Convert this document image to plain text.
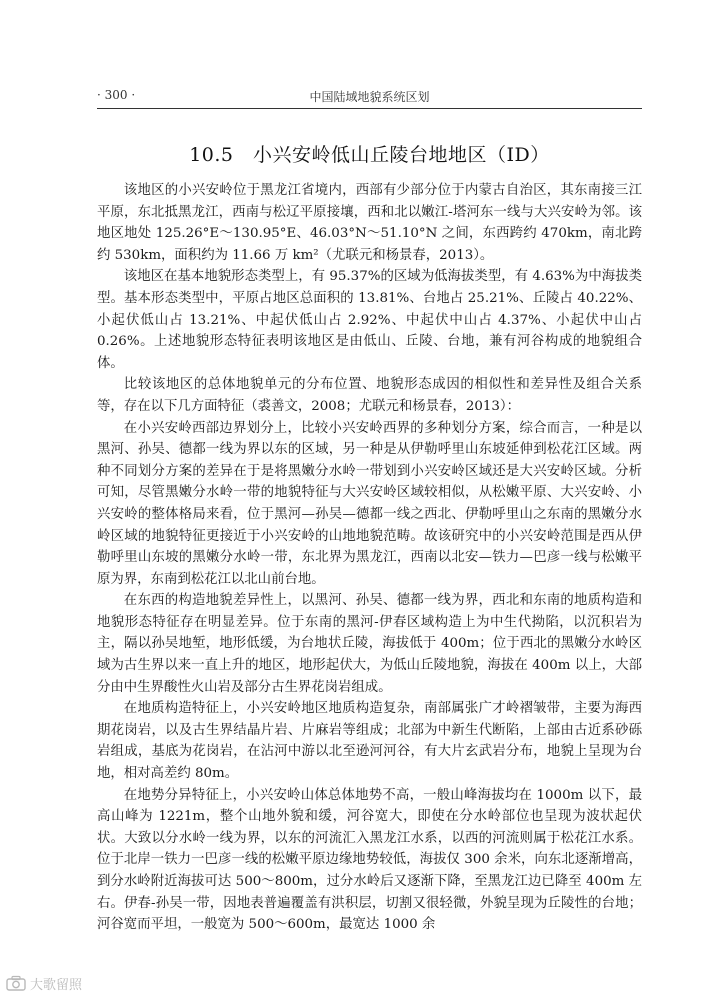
· 300 ·	中国陆域地貌系统区划
10.5　小兴安岭低山丘陵台地地区（ID）

该地区的小兴安岭位于黑龙江省境内，西部有少部分位于内蒙古自治区，其东南接三江平原，东北抵黑龙江，西南与松辽平原接壤，西和北以嫩江-塔河东一线与大兴安岭为邻。该地区地处 125.26°E～130.95°E、46.03°N～51.10°N 之间，东西跨约 470km，南北跨约 530km，面积约为 11.66 万 km²（尤联元和杨景春，2013）。

该地区在基本地貌形态类型上，有 95.37%的区域为低海拔类型，有 4.63%为中海拔类型。基本形态类型中，平原占地区总面积的 13.81%、台地占 25.21%、丘陵占 40.22%、小起伏低山占 13.21%、中起伏低山占 2.92%、中起伏中山占 4.37%、小起伏中山占 0.26%。上述地貌形态特征表明该地区是由低山、丘陵、台地，兼有河谷构成的地貌组合体。

比较该地区的总体地貌单元的分布位置、地貌形态成因的相似性和差异性及组合关系等，存在以下几方面特征（裘善文，2008；尤联元和杨景春，2013）：

在小兴安岭西部边界划分上，比较小兴安岭西界的多种划分方案，综合而言，一种是以黑河、孙吴、德都一线为界以东的区域，另一种是从伊勒呼里山东坡延伸到松花江区域。两种不同划分方案的差异在于是将黑嫩分水岭一带划到小兴安岭区域还是大兴安岭区域。分析可知，尽管黑嫩分水岭一带的地貌特征与大兴安岭区域较相似，从松嫩平原、大兴安岭、小兴安岭的整体格局来看，位于黑河—孙吴—德都一线之西北、伊勒呼里山之东南的黑嫩分水岭区域的地貌特征更接近于小兴安岭的山地地貌范畴。故该研究中的小兴安岭范围是西从伊勒呼里山东坡的黑嫩分水岭一带，东北界为黑龙江，西南以北安—铁力—巴彦一线与松嫩平原为界，东南到松花江以北山前台地。

在东西的构造地貌差异性上，以黑河、孙吴、德都一线为界，西北和东南的地质构造和地貌形态特征存在明显差异。位于东南的黑河-伊春区域构造上为中生代拗陷，以沉积岩为主，隔以孙吴地堑，地形低缓，为台地状丘陵，海拔低于 400m；位于西北的黑嫩分水岭区域为古生界以来一直上升的地区，地形起伏大，为低山丘陵地貌，海拔在 400m 以上，大部分由中生界酸性火山岩及部分古生界花岗岩组成。

在地质构造特征上，小兴安岭地区地质构造复杂，南部属张广才岭褶皱带，主要为海西期花岗岩，以及古生界结晶片岩、片麻岩等组成；北部为中新生代断陷，上部由古近系砂砾岩组成，基底为花岗岩，在沾河中游以北至逊河河谷，有大片玄武岩分布，地貌上呈现为台地，相对高差约 80m。

在地势分异特征上，小兴安岭山体总体地势不高，一般山峰海拔均在 1000m 以下，最高山峰为 1221m，整个山地外貌和缓，河谷宽大，即使在分水岭部位也呈现为波状起伏状。大致以分水岭一线为界，以东的河流汇入黑龙江水系，以西的河流则属于松花江水系。位于北岸一铁力一巴彦一线的松嫩平原边缘地势较低，海拔仅 300 余米，向东北逐渐增高，到分水岭附近海拔可达 500～800m，过分水岭后又逐渐下降，至黑龙江边已降至 400m 左右。伊春-孙吴一带，因地表普遍覆盖有洪积层，切割又很轻微，外貌呈现为丘陵性的台地；河谷宽而平坦，一般宽为 500～600m，最宽达 1000 余

大歌留照
